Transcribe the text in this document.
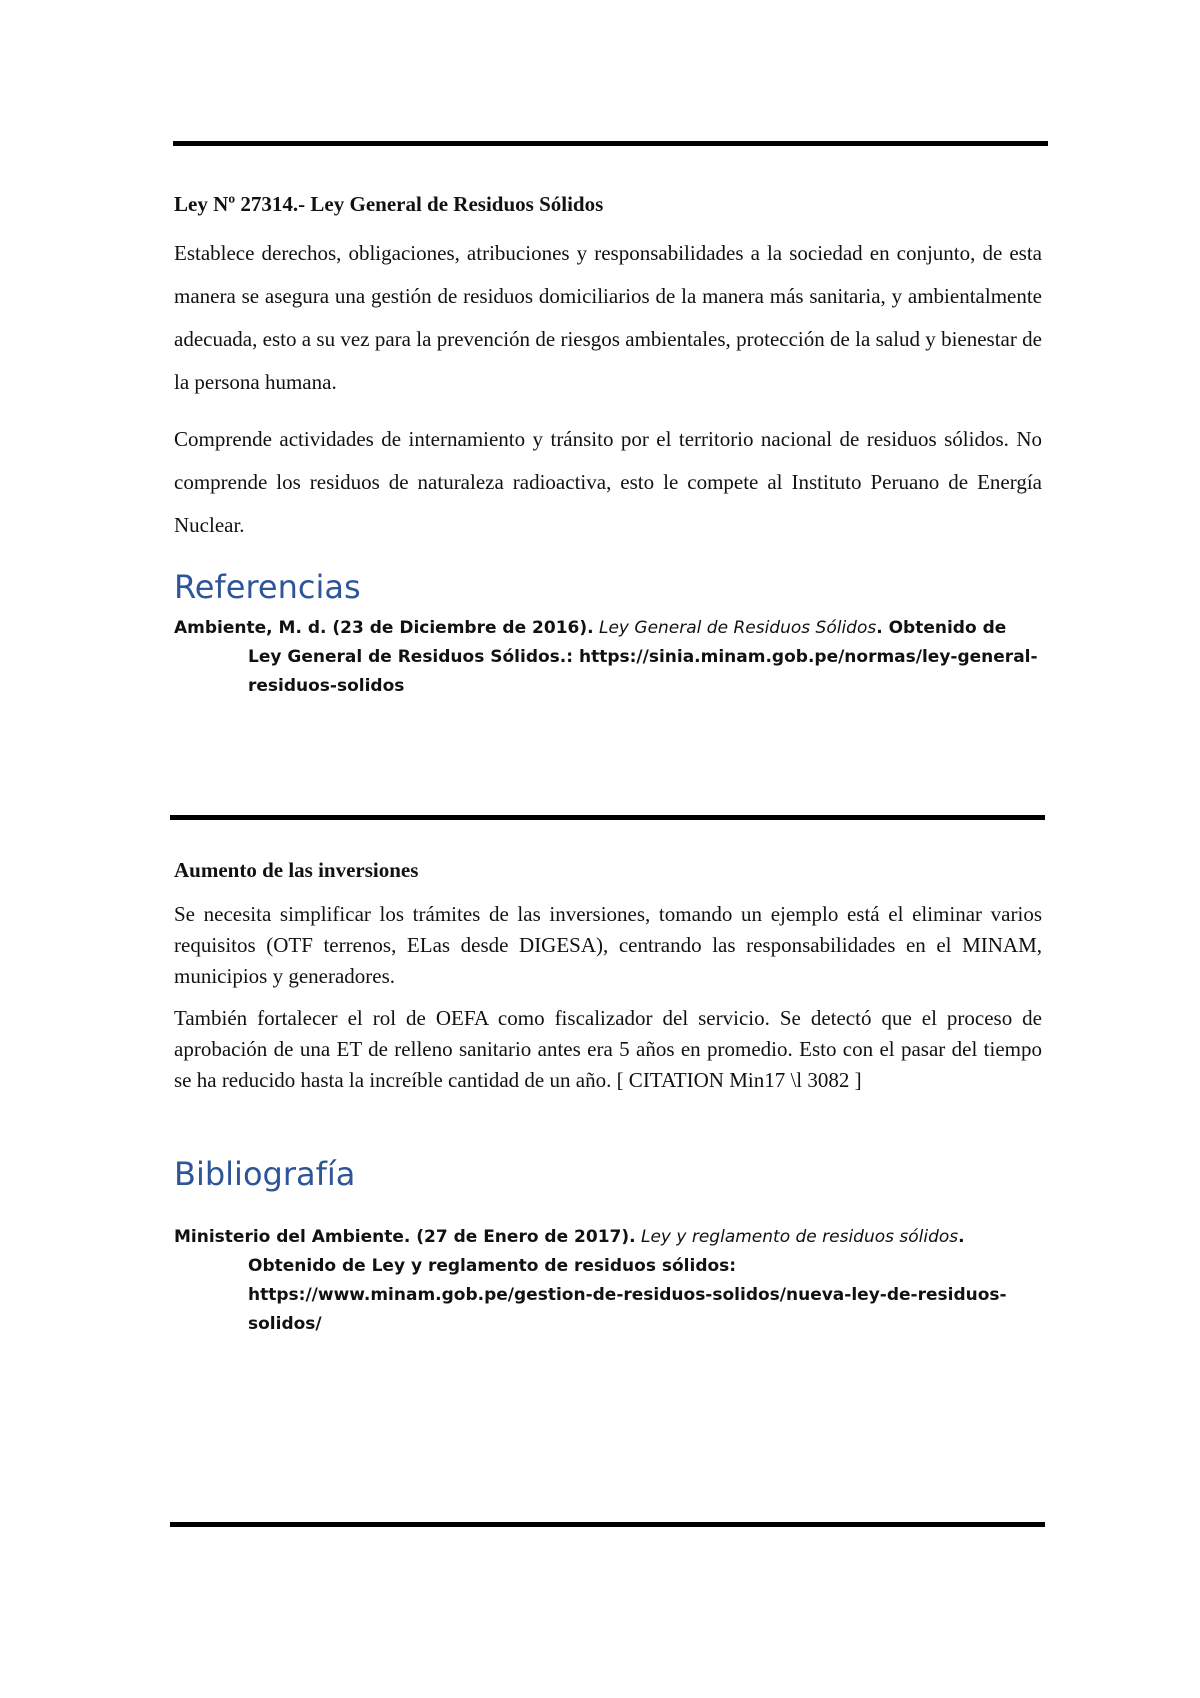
Ley Nº 27314.- Ley General de Residuos Sólidos

Establece derechos, obligaciones, atribuciones y responsabilidades a la sociedad en conjunto, de esta manera se asegura una gestión de residuos domiciliarios de la manera más sanitaria, y ambientalmente adecuada, esto a su vez para la prevención de riesgos ambientales, protección de la salud y bienestar de la persona humana.

Comprende actividades de internamiento y tránsito por el territorio nacional de residuos sólidos. No comprende los residuos de naturaleza radioactiva, esto le compete al Instituto Peruano de Energía Nuclear.

Referencias

Ambiente, M. d. (23 de Diciembre de 2016). Ley General de Residuos Sólidos. Obtenido de Ley General de Residuos Sólidos.: https://sinia.minam.gob.pe/normas/ley-general-residuos-solidos

Aumento de las inversiones

Se necesita simplificar los trámites de las inversiones, tomando un ejemplo está el eliminar varios requisitos (OTF terrenos, ELas desde DIGESA), centrando las responsabilidades en el MINAM, municipios y generadores.

También fortalecer el rol de OEFA como fiscalizador del servicio. Se detectó que el proceso de aprobación de una ET de relleno sanitario antes era 5 años en promedio. Esto con el pasar del tiempo se ha reducido hasta la increíble cantidad de un año. [ CITATION Min17 \l 3082 ]

Bibliografía

Ministerio del Ambiente. (27 de Enero de 2017). Ley y reglamento de residuos sólidos. Obtenido de Ley y reglamento de residuos sólidos: https://www.minam.gob.pe/gestion-de-residuos-solidos/nueva-ley-de-residuos-solidos/
